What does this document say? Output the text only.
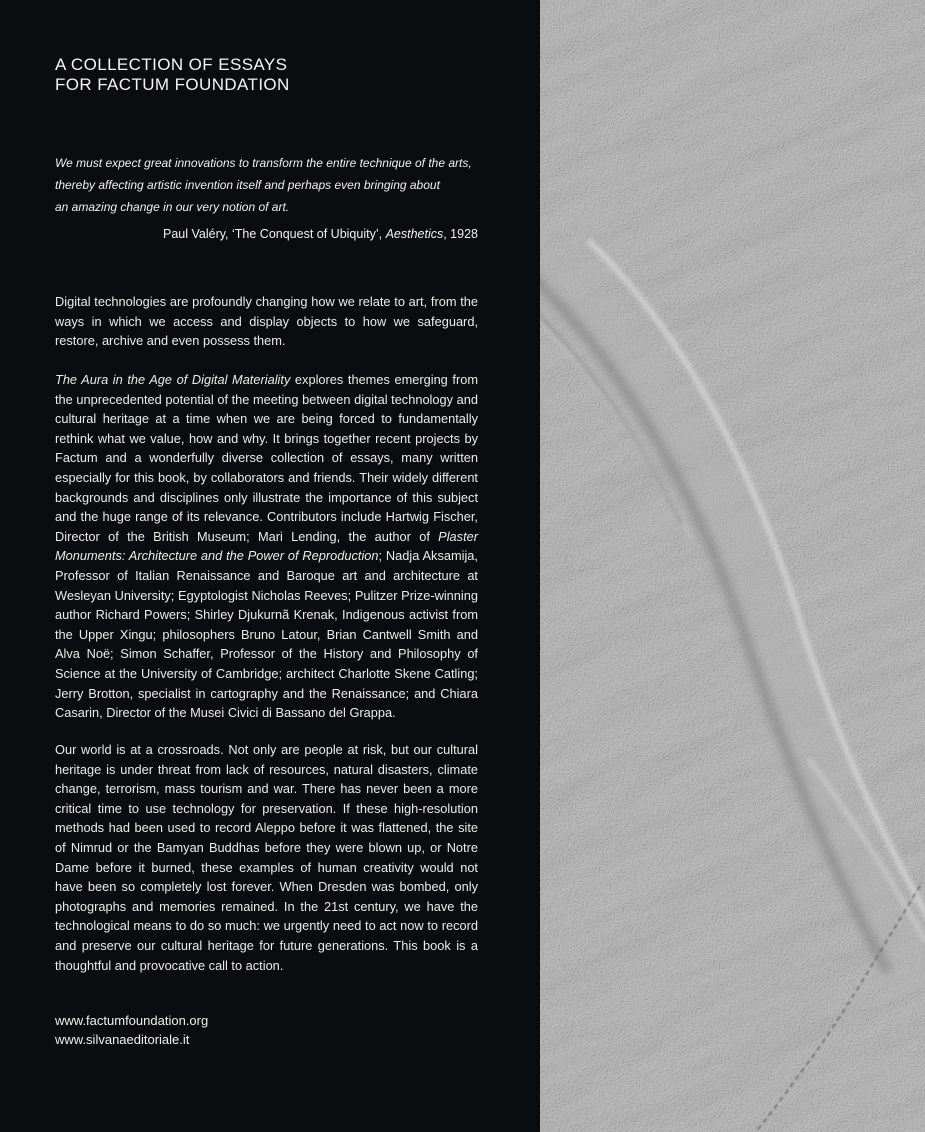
A COLLECTION OF ESSAYS
FOR FACTUM FOUNDATION
We must expect great innovations to transform the entire technique of the arts,
thereby affecting artistic invention itself and perhaps even bringing about
an amazing change in our very notion of art.
Paul Valéry, ‘The Conquest of Ubiquity’, Aesthetics, 1928

Digital technologies are profoundly changing how we relate to art, from the ways in which we access and display objects to how we safeguard, restore, archive and even possess them.

The Aura in the Age of Digital Materiality explores themes emerging from the unprecedented potential of the meeting between digital technology and cultural heritage at a time when we are being forced to fundamentally rethink what we value, how and why. It brings together recent projects by Factum and a wonderfully diverse collection of essays, many written especially for this book, by collaborators and friends. Their widely different backgrounds and disciplines only illustrate the importance of this subject and the huge range of its relevance. Contributors include Hartwig Fischer, Director of the British Museum; Mari Lending, the author of Plaster Monuments: Architecture and the Power of Reproduction; Nadja Aksamija, Professor of Italian Renaissance and Baroque art and architecture at Wesleyan University; Egyptologist Nicholas Reeves; Pulitzer Prize-winning author Richard Powers; Shirley Djukurnã Krenak, Indigenous activist from the Upper Xingu; philosophers Bruno Latour, Brian Cantwell Smith and Alva Noë; Simon Schaffer, Professor of the History and Philosophy of Science at the University of Cambridge; architect Charlotte Skene Catling; Jerry Brotton, specialist in cartography and the Renaissance; and Chiara Casarin, Director of the Musei Civici di Bassano del Grappa.

Our world is at a crossroads. Not only are people at risk, but our cultural heritage is under threat from lack of resources, natural disasters, climate change, terrorism, mass tourism and war. There has never been a more critical time to use technology for preservation. If these high-resolution methods had been used to record Aleppo before it was flattened, the site of Nimrud or the Bamyan Buddhas before they were blown up, or Notre Dame before it burned, these examples of human creativity would not have been so completely lost forever. When Dresden was bombed, only photographs and memories remained. In the 21st century, we have the technological means to do so much: we urgently need to act now to record and preserve our cultural heritage for future generations. This book is a thoughtful and provocative call to action.

www.factumfoundation.org
www.silvanaeditoriale.it
